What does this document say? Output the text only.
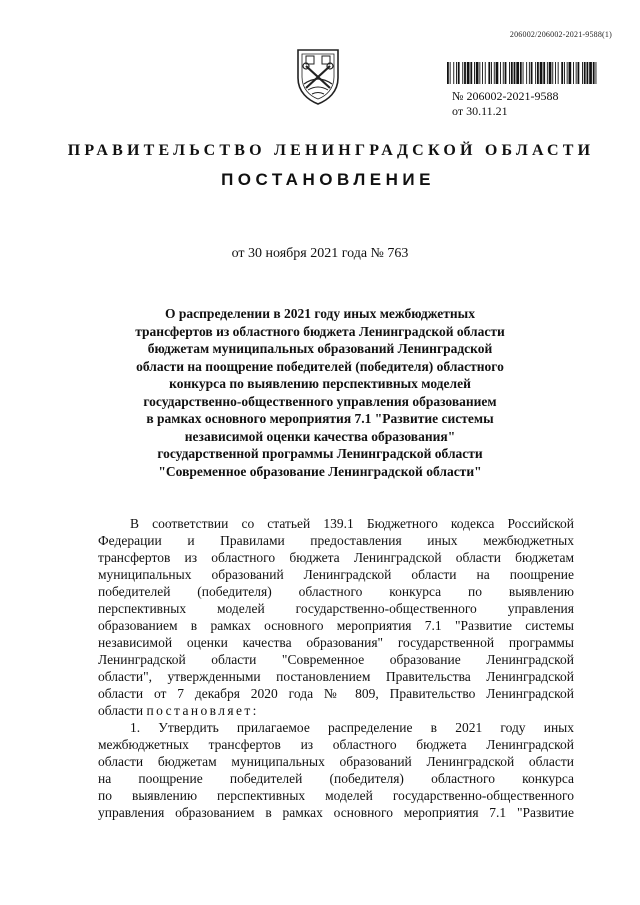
206002/206002-2021-9588(1)
№ 206002-2021-9588
от 30.11.21
ПРАВИТЕЛЬСТВО ЛЕНИНГРАДСКОЙ ОБЛАСТИ
ПОСТАНОВЛЕНИЕ
от 30 ноября 2021 года № 763
О распределении в 2021 году иных межбюджетных
трансфертов из областного бюджета Ленинградской области
бюджетам муниципальных образований Ленинградской
области на поощрение победителей (победителя) областного
конкурса по выявлению перспективных моделей
государственно-общественного управления образованием
в рамках основного мероприятия 7.1 "Развитие системы
независимой оценки качества образования"
государственной программы Ленинградской области
"Современное образование Ленинградской области"
В соответствии со статьей 139.1 Бюджетного кодекса Российской
Федерации и Правилами предоставления иных межбюджетных
трансфертов из областного бюджета Ленинградской области бюджетам
муниципальных образований Ленинградской области на поощрение
победителей (победителя) областного конкурса по выявлению
перспективных моделей государственно-общественного управления
образованием в рамках основного мероприятия 7.1 "Развитие системы
независимой оценки качества образования" государственной программы
Ленинградской области "Современное образование Ленинградской
области", утвержденными постановлением Правительства Ленинградской
области от 7 декабря 2020 года № 809, Правительство Ленинградской
области постановляет:
1. Утвердить прилагаемое распределение в 2021 году иных
межбюджетных трансфертов из областного бюджета Ленинградской
области бюджетам муниципальных образований Ленинградской области
на поощрение победителей (победителя) областного конкурса
по выявлению перспективных моделей государственно-общественного
управления образованием в рамках основного мероприятия 7.1 "Развитие
